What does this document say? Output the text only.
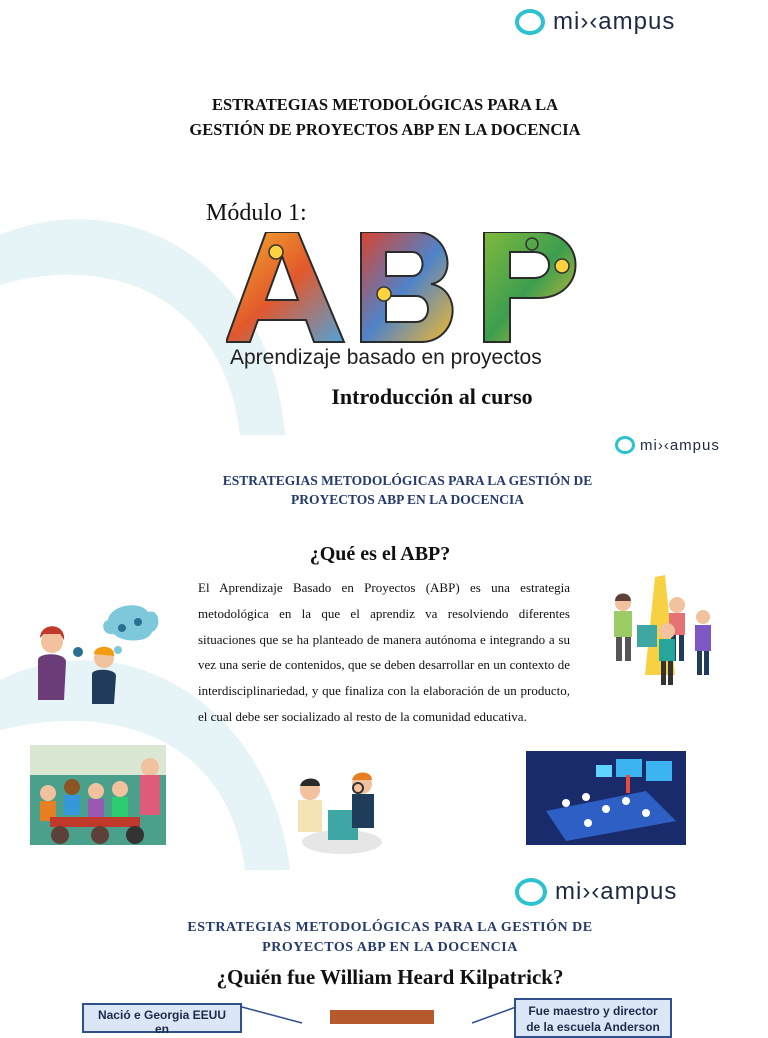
mi›‹ampus
ESTRATEGIAS METODOLÓGICAS PARA LA
GESTIÓN DE PROYECTOS ABP EN LA DOCENCIA
Módulo 1:
Aprendizaje basado en proyectos
Introducción al curso
mi›‹ampus
ESTRATEGIAS METODOLÓGICAS PARA LA GESTIÓN DE
PROYECTOS ABP EN LA DOCENCIA
¿Qué es el ABP?
El Aprendizaje Basado en Proyectos (ABP) es una estrategia metodológica en la que el aprendiz va resolviendo diferentes situaciones que se ha planteado de manera autónoma e integrando a su vez una serie de contenidos, que se deben desarrollar en un contexto de interdisciplinariedad, y que finaliza con la elaboración de un producto, el cual debe ser socializado al resto de la comunidad educativa.
mi›‹ampus
ESTRATEGIAS METODOLÓGICAS PARA LA GESTIÓN DE
PROYECTOS ABP EN LA DOCENCIA
¿Quién fue William Heard Kilpatrick?
Nació e Georgia EEUU en
Fue maestro y director
de la escuela Anderson
